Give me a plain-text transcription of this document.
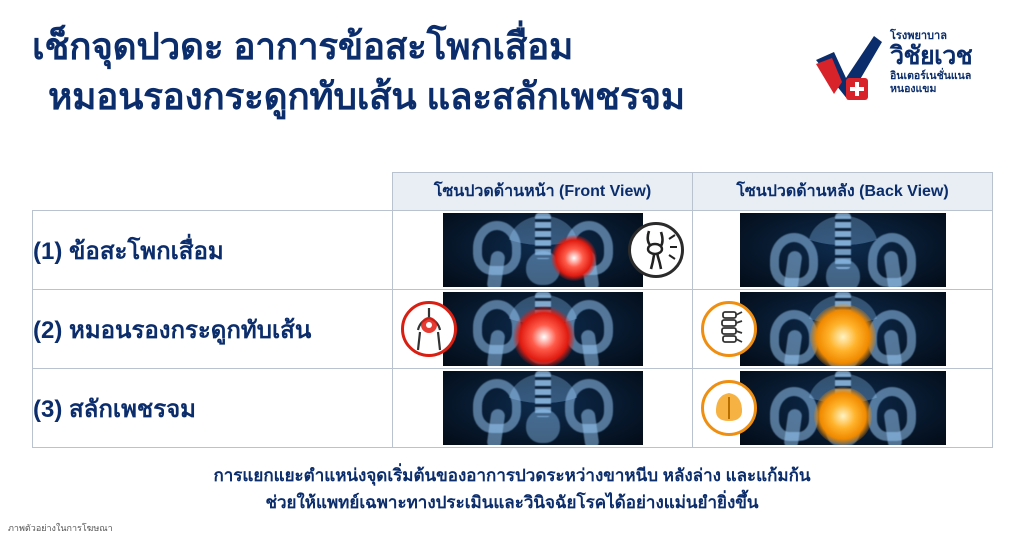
เช็กจุดปวดะ อาการข้อสะโพกเสื่อม
หมอนรองกระดูกทับเส้น และสลักเพชรจม
โรงพยาบาล
วิชัยเวช
อินเตอร์เนชั่นแนล
หนองแขม
	โซนปวดด้านหน้า (Front View)	โซนปวดด้านหลัง (Back View)
(1) ข้อสะโพกเสื่อม	

(2) หมอนรองกระดูกทับเส้น	

(3) สลักเพชรจม	

การแยกแยะตำแหน่งจุดเริ่มต้นของอาการปวดระหว่างขาหนีบ หลังล่าง และแก้มก้น
ช่วยให้แพทย์เฉพาะทางประเมินและวินิจฉัยโรคได้อย่างแม่นยำยิ่งขึ้น
ภาพตัวอย่างในการโฆษณา
